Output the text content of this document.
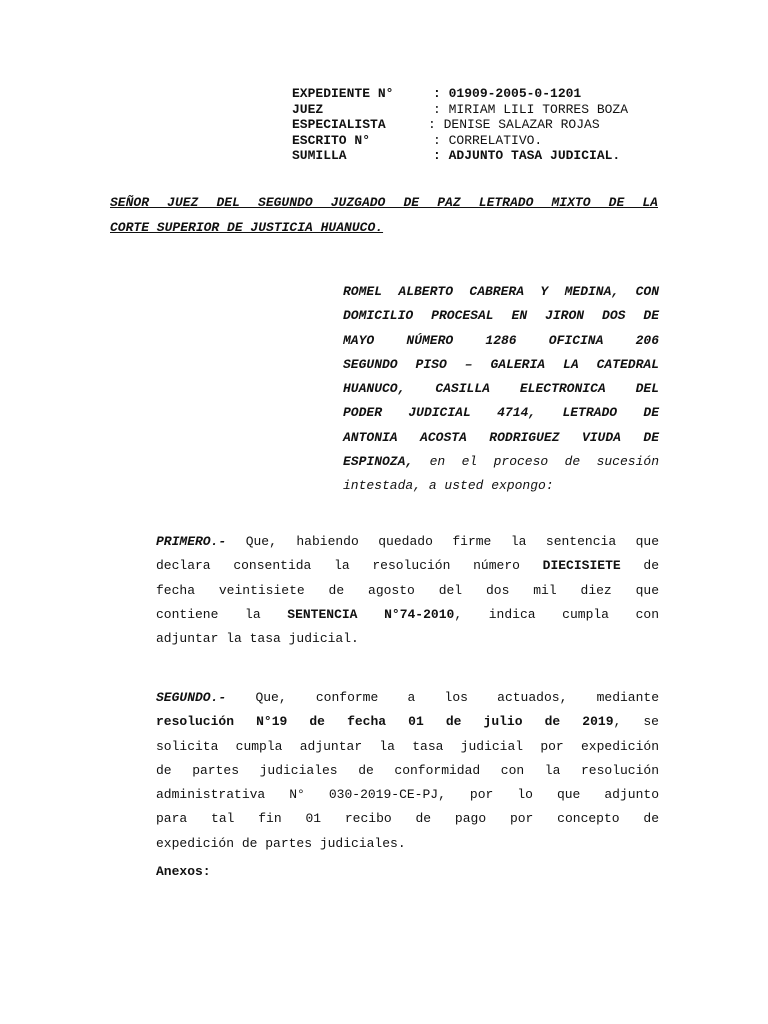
EXPEDIENTE N°	: 01909-2005-0-1201
JUEZ	: MIRIAM LILI TORRES BOZA
ESPECIALISTA	: DENISE SALAZAR ROJAS
ESCRITO N°	: CORRELATIVO.
SUMILLA	: ADJUNTO TASA JUDICIAL.
SEÑOR JUEZ DEL SEGUNDO JUZGADO DE PAZ LETRADO MIXTO DE LA
CORTE SUPERIOR DE JUSTICIA HUANUCO.
ROMEL ALBERTO CABRERA Y MEDINA, CON
DOMICILIO PROCESAL EN JIRON DOS DE
MAYO NÚMERO 1286 OFICINA 206
SEGUNDO PISO – GALERIA LA CATEDRAL
HUANUCO, CASILLA ELECTRONICA DEL
PODER JUDICIAL 4714, LETRADO DE
ANTONIA ACOSTA RODRIGUEZ VIUDA DE
ESPINOZA, en el proceso de sucesión
intestada, a usted expongo:
PRIMERO.- Que, habiendo quedado firme la sentencia que
declara consentida la resolución número DIECISIETE de
fecha veintisiete de agosto del dos mil diez que
contiene la SENTENCIA N°74-2010, indica cumpla con
adjuntar la tasa judicial.
SEGUNDO.- Que, conforme a los actuados, mediante
resolución N°19 de fecha 01 de julio de 2019, se
solicita cumpla adjuntar la tasa judicial por expedición
de partes judiciales de conformidad con la resolución
administrativa N° 030-2019-CE-PJ, por lo que adjunto
para tal fin 01 recibo de pago por concepto de
expedición de partes judiciales.
Anexos:
